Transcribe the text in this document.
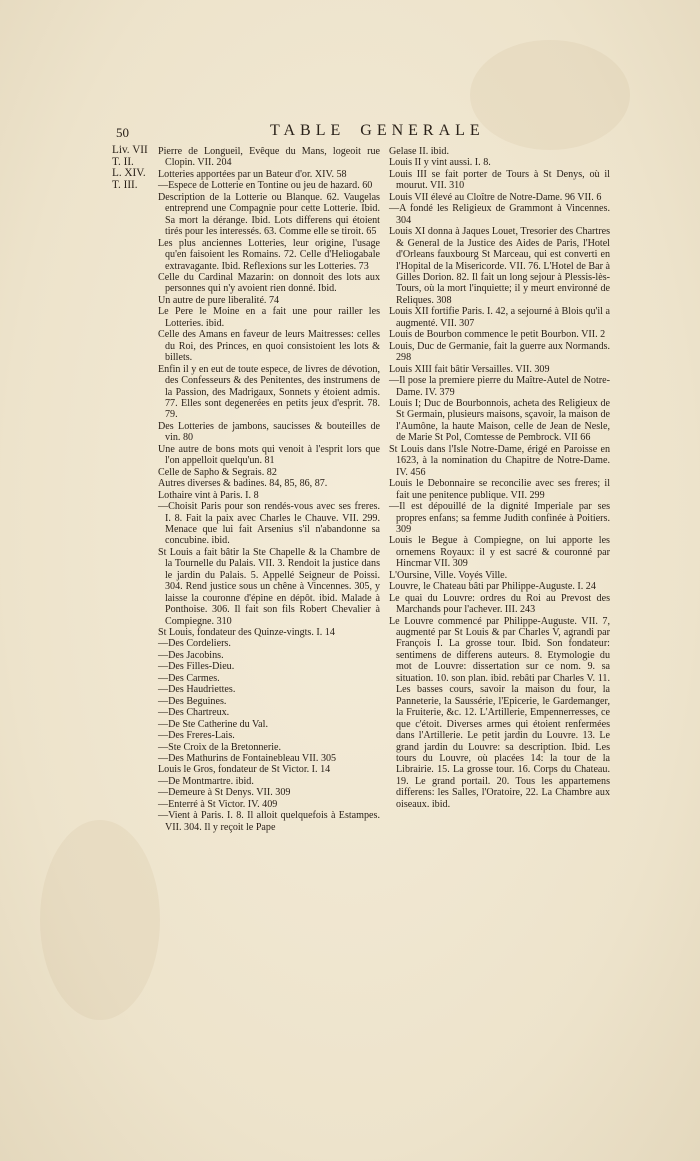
50	TABLE GENERALE
Liv. VII
T. II.
L. XIV.
T. III.

Pierre de Longueil, Evêque du Mans, logeoit rue Clopin. VII. 204

Lotteries apportées par un Bateur d'or. XIV. 58

—Espece de Lotterie en Tontine ou jeu de hazard. 60

Description de la Lotterie ou Blanque. 62. Vaugelas entreprend une Compagnie pour cette Lotterie. Ibid. Sa mort la dérange. Ibid. Lots differens qui étoient tirés pour les interessés. 63. Comme elle se tiroit. 65

Les plus anciennes Lotteries, leur origine, l'usage qu'en faisoient les Romains. 72. Celle d'Heliogabale extravagante. Ibid. Reflexions sur les Lotteries. 73

Celle du Cardinal Mazarin: on donnoit des lots aux personnes qui n'y avoient rien donné. Ibid.

Un autre de pure liberalité. 74

Le Pere le Moine en a fait une pour railler les Lotteries. ibid.

Celle des Amans en faveur de leurs Maitresses: celles du Roi, des Princes, en quoi consistoient les lots & billets.

Enfin il y en eut de toute espece, de livres de dévotion, des Confesseurs & des Penitentes, des instrumens de la Passion, des Madrigaux, Sonnets y étoient admis. 77. Elles sont degenerées en petits jeux d'esprit. 78. 79.

Des Lotteries de jambons, saucisses & bouteilles de vin. 80

Une autre de bons mots qui venoit à l'esprit lors que l'on appelloit quelqu'un. 81

Celle de Sapho & Segrais. 82

Autres diverses & badines. 84, 85, 86, 87.

Lothaire vint à Paris. I. 8

—Choisit Paris pour son rendés-vous avec ses freres. I. 8. Fait la paix avec Charles le Chauve. VII. 299. Menace que lui fait Arsenius s'il n'abandonne sa concubine. ibid.

St Louis a fait bâtir la Ste Chapelle & la Chambre de la Tournelle du Palais. VII. 3. Rendoit la justice dans le jardin du Palais. 5. Appellé Seigneur de Poissi. 304. Rend justice sous un chêne à Vincennes. 305, y laisse la couronne d'épine en dépôt. ibid. Malade à Ponthoise. 306. Il fait son fils Robert Chevalier à Compiegne. 310

St Louis, fondateur des Quinze-vingts. I. 14

—Des Cordeliers.

—Des Jacobins.

—Des Filles-Dieu.

—Des Carmes.

—Des Haudriettes.

—Des Beguines.

—Des Chartreux.

—De Ste Catherine du Val.

—Des Freres-Lais.

—Ste Croix de la Bretonnerie.

—Des Mathurins de Fontainebleau VII. 305

Louis le Gros, fondateur de St Victor. I. 14

—De Montmartre. ibid.

—Demeure à St Denys. VII. 309

—Enterré à St Victor. IV. 409

—Vient à Paris. I. 8. Il alloit quelquefois à Estampes. VII. 304. Il y reçoit le Pape

Gelase II. ibid.

Louis II y vint aussi. I. 8.

Louis III se fait porter de Tours à St Denys, où il mourut. VII. 310

Louis VII élevé au Cloître de Notre-Dame. 96 VII. 6

—A fondé les Religieux de Grammont à Vincennes. 304

Louis XI donna à Jaques Louet, Tresorier des Chartres & General de la Justice des Aides de Paris, l'Hotel d'Orleans fauxbourg St Marceau, qui est converti en l'Hopital de la Misericorde. VII. 76. L'Hotel de Bar à Gilles Dorion. 82. Il fait un long sejour à Plessis-lès-Tours, où la mort l'inquiette; il y meurt environné de Reliques. 308

Louis XII fortifie Paris. I. 42, a sejourné à Blois qu'il a augmenté. VII. 307

Louis de Bourbon commence le petit Bourbon. VII. 2

Louis, Duc de Germanie, fait la guerre aux Normands. 298

Louis XIII fait bâtir Versailles. VII. 309

—Il pose la premiere pierre du Maître-Autel de Notre-Dame. IV. 379

Louis I; Duc de Bourbonnois, acheta des Religieux de St Germain, plusieurs maisons, sçavoir, la maison de l'Aumône, la haute Maison, celle de Jean de Nesle, de Marie St Pol, Comtesse de Pembrock. VII 66

St Louis dans l'Isle Notre-Dame, érigé en Paroisse en 1623, à la nomination du Chapitre de Notre-Dame. IV. 456

Louis le Debonnaire se reconcilie avec ses freres; il fait une penitence publique. VII. 299

—Il est dépouillé de la dignité Imperiale par ses propres enfans; sa femme Judith confinée à Poitiers. 309

Louis le Begue à Compiegne, on lui apporte les ornemens Royaux: il y est sacré & couronné par Hincmar VII. 309

L'Oursine, Ville. Voyés Ville.

Louvre, le Chateau bâti par Philippe-Auguste. I. 24

Le quai du Louvre: ordres du Roi au Prevost des Marchands pour l'achever. III. 243

Le Louvre commencé par Philippe-Auguste. VII. 7, augmenté par St Louis & par Charles V, agrandi par François I. La grosse tour. Ibid. Son fondateur: sentimens de differens auteurs. 8. Etymologie du mot de Louvre: dissertation sur ce nom. 9. sa situation. 10. son plan. ibid. rebâti par Charles V. 11. Les basses cours, savoir la maison du four, la Panneterie, la Saussérie, l'Epicerie, le Gardemanger, la Fruiterie, &c. 12. L'Artillerie, Empennerresses, ce que c'étoit. Diverses armes qui étoient renfermées dans l'Artillerie. Le petit jardin du Louvre. 13. Le grand jardin du Louvre: sa description. Ibid. Les tours du Louvre, où placées 14: la tour de la Librairie. 15. La grosse tour. 16. Corps du Chateau. 19. Le grand portail. 20. Tous les appartemens differens: les Salles, l'Oratoire, 22. La Chambre aux oiseaux. ibid.
